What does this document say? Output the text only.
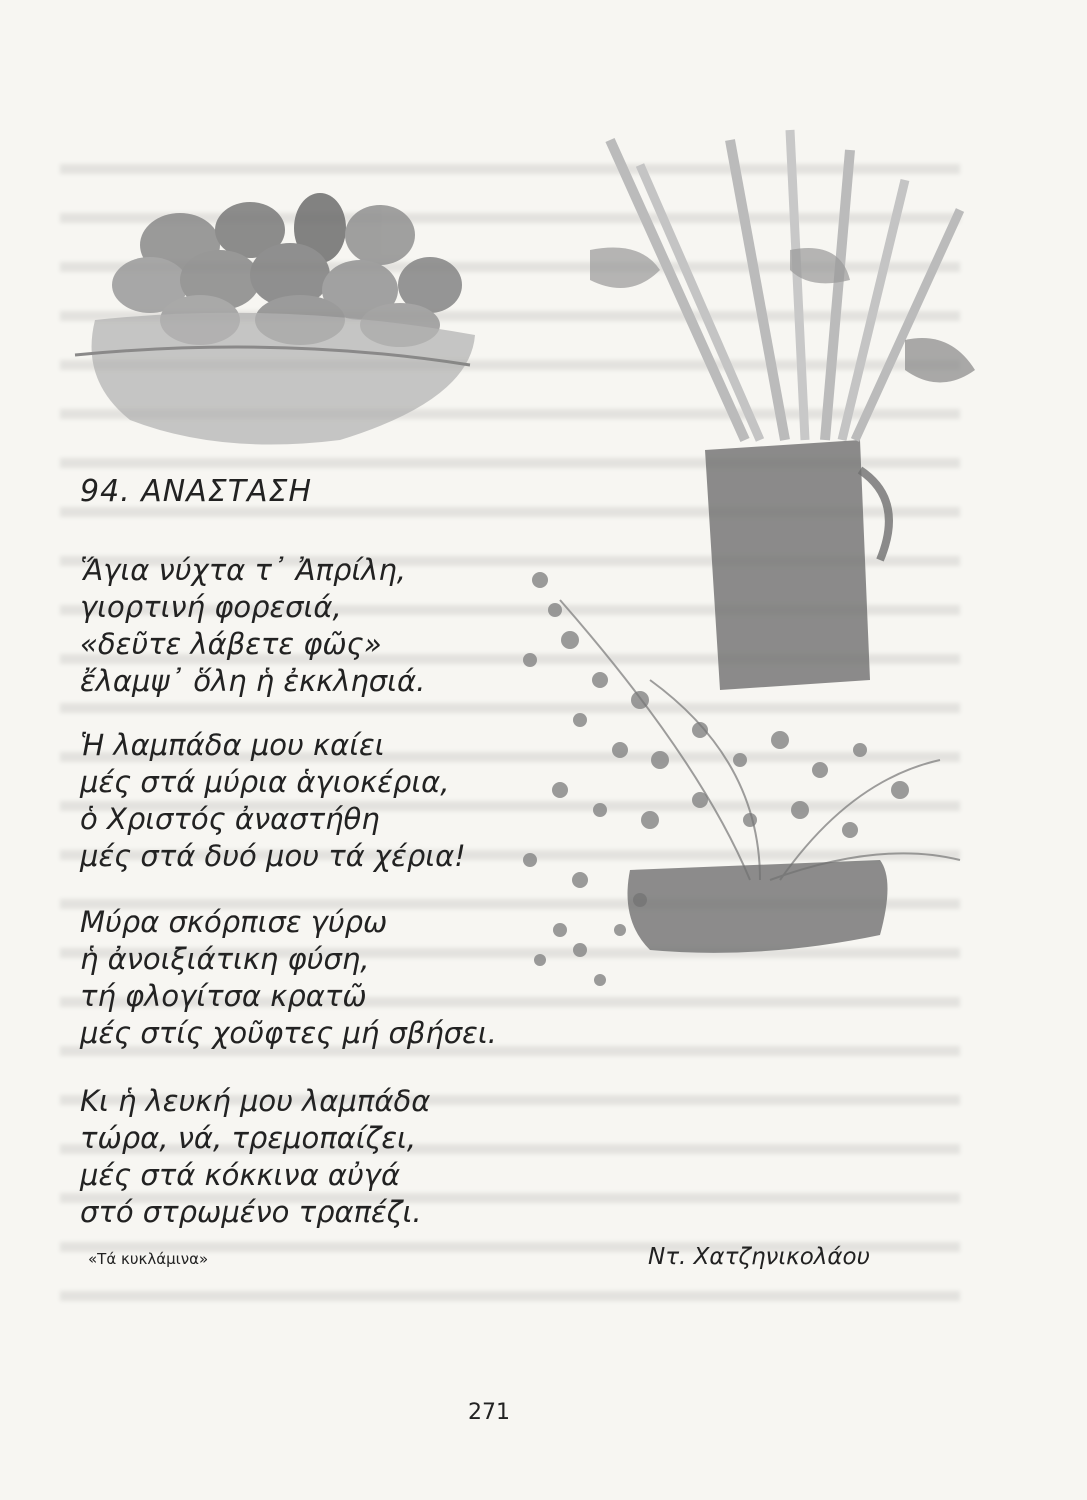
94. ΑΝΑΣΤΑΣΗ
Ἅγια νύχτα τ᾿ Ἀπρίλη,
γιορτινή φορεσιά,
«δεῦτε λάβετε φῶς»
ἔλαμψ᾿ ὅλη ἡ ἐκκλησιά.
Ἡ λαμπάδα μου καίει
μές στά μύρια ἁγιοκέρια,
ὁ Χριστός ἀναστήθη
μές στά δυό μου τά χέρια!
Μύρα σκόρπισε γύρω
ἡ ἀνοιξιάτικη φύση,
τή φλογίτσα κρατῶ
μές στίς χοῦφτες μή σβήσει.
Κι ἡ λευκή μου λαμπάδα
τώρα, νά, τρεμοπαίζει,
μές στά κόκκινα αὐγά
στό στρωμένο τραπέζι.
«Τά κυκλάμινα»	Ντ. Χατζηνικολάου
271
